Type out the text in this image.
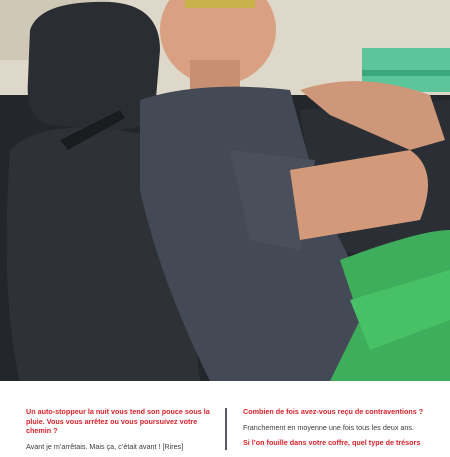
Un auto-stoppeur la nuit vous tend son pouce sous la pluie. Vous vous arrêtez ou vous poursuivez votre chemin ?

Avant je m’arrêtais. Mais ça, c’était avant ! [Rires]

Combien de fois avez-vous reçu de contraventions ?

Franchement en moyenne une fois tous les deux ans.

Si l’on fouille dans votre coffre, quel type de trésors
